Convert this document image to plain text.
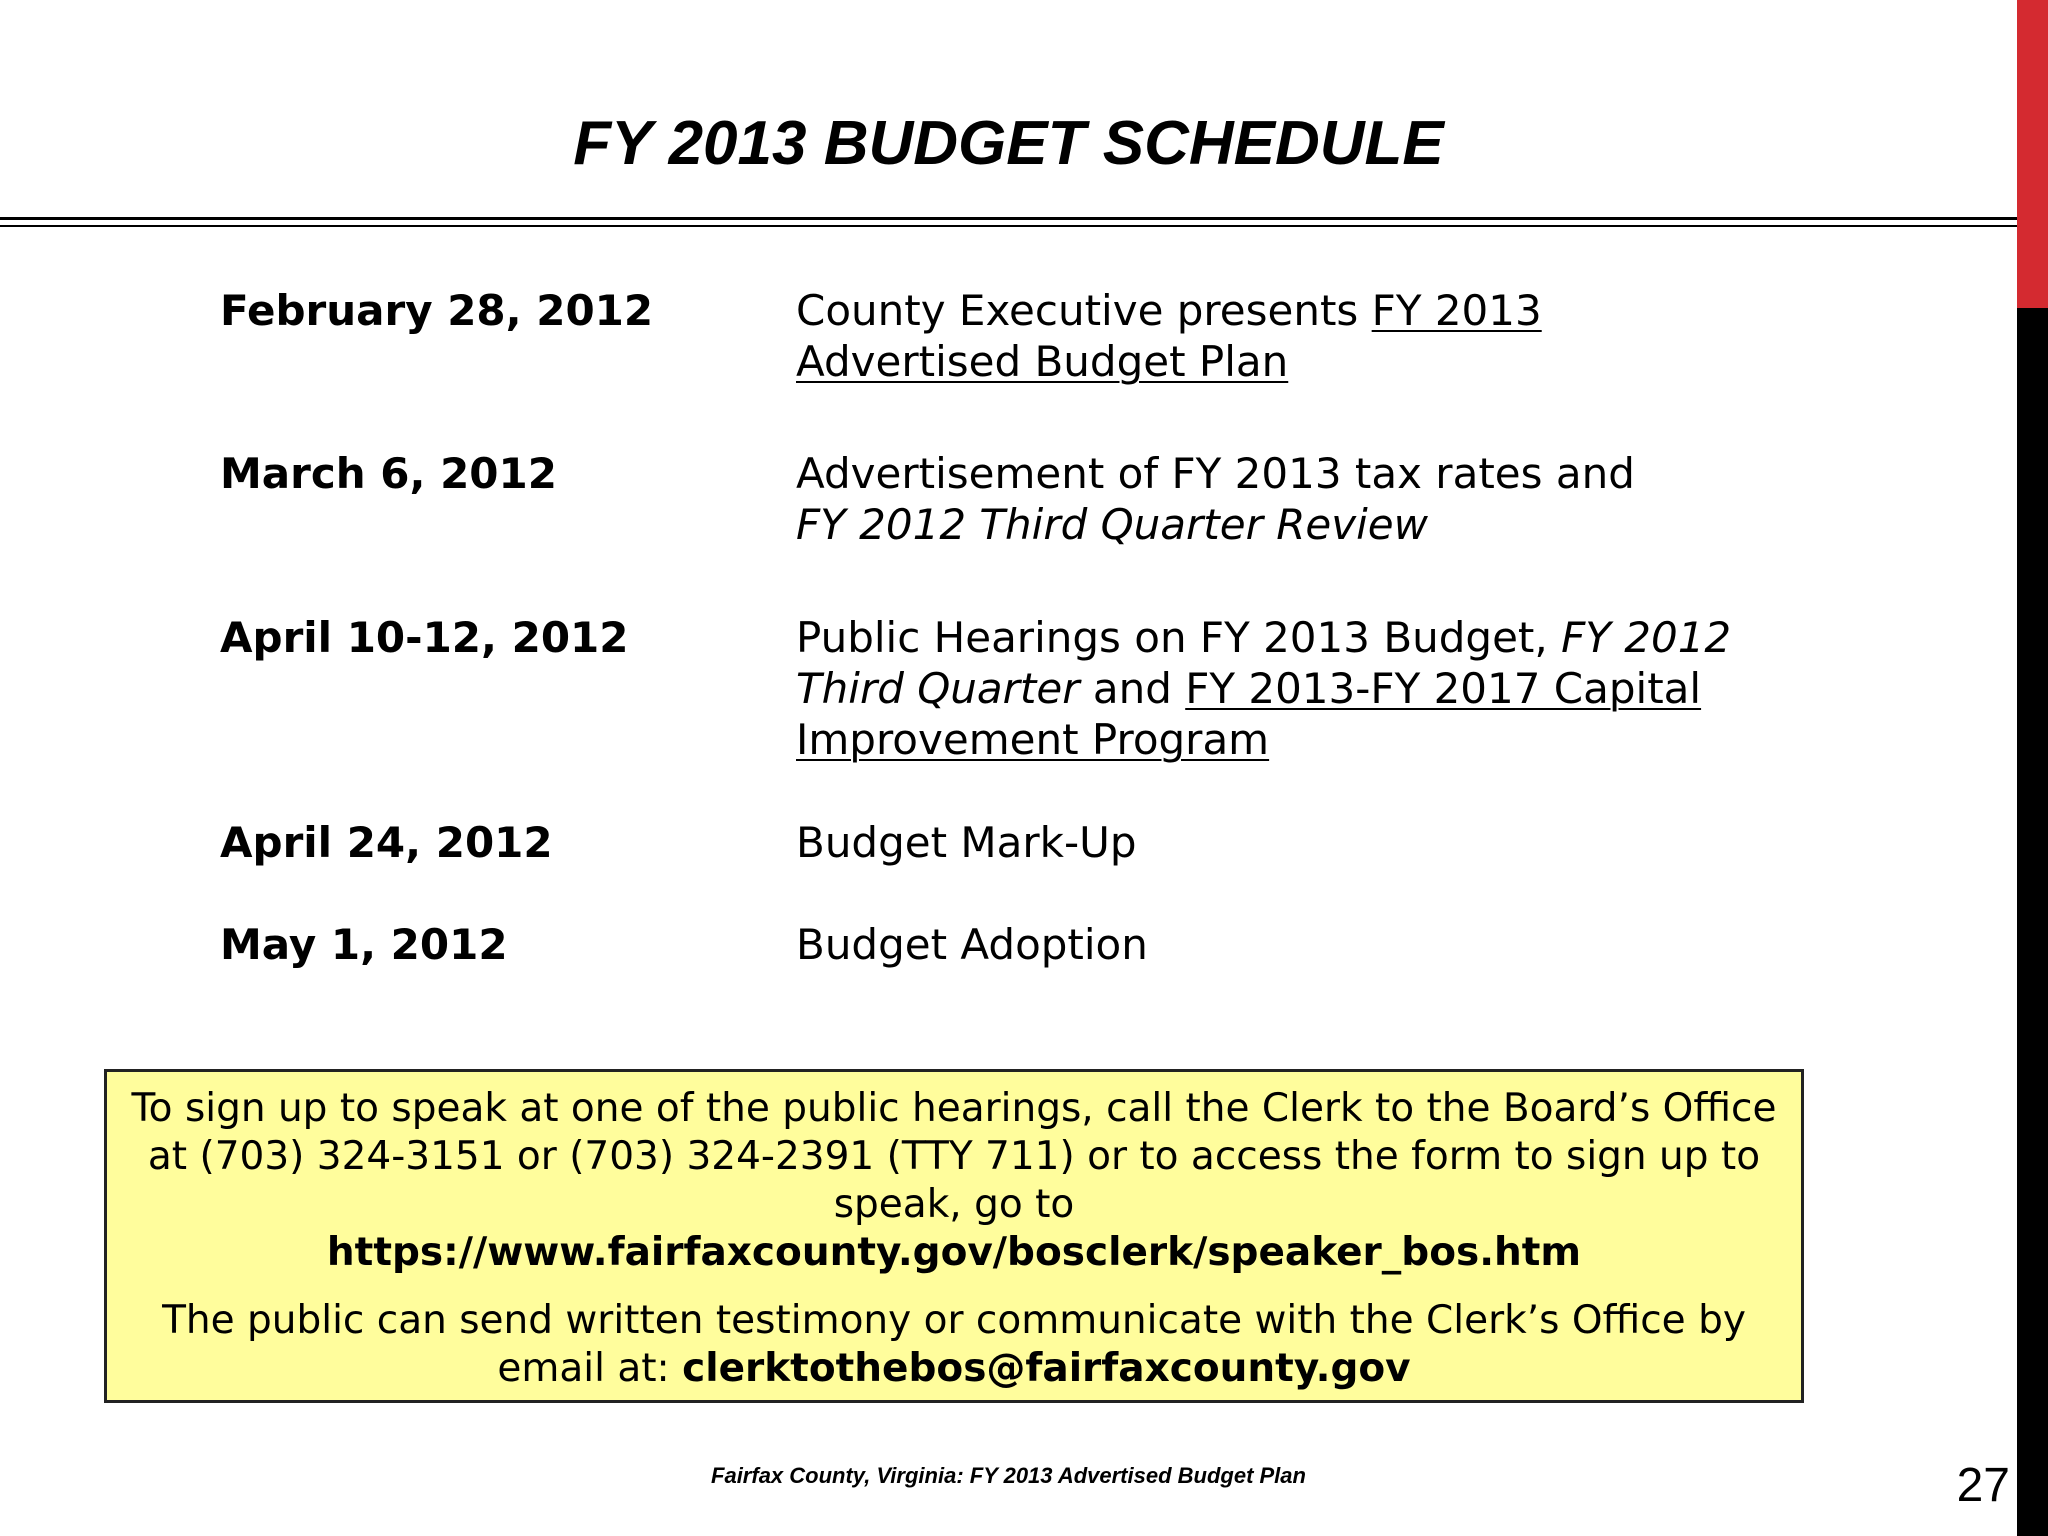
FY 2013 BUDGET SCHEDULE
February 28, 2012	County Executive presents FY 2013 Advertised Budget Plan
March 6, 2012	Advertisement of FY 2013 tax rates and
FY 2012 Third Quarter Review
April 10-12, 2012	Public Hearings on FY 2013 Budget, FY 2012 Third Quarter and FY 2013-FY 2017 Capital Improvement Program
April 24, 2012	Budget Mark-Up
May 1, 2012	Budget Adoption

To sign up to speak at one of the public hearings, call the Clerk to the Board’s Office at (703) 324-3151 or (703) 324-2391 (TTY 711) or to access the form to sign up to speak, go to
https://www.fairfaxcounty.gov/bosclerk/speaker_bos.htm

The public can send written testimony or communicate with the Clerk’s Office by email at: clerktothebos@fairfaxcounty.gov

Fairfax County, Virginia: FY 2013 Advertised Budget Plan	27
